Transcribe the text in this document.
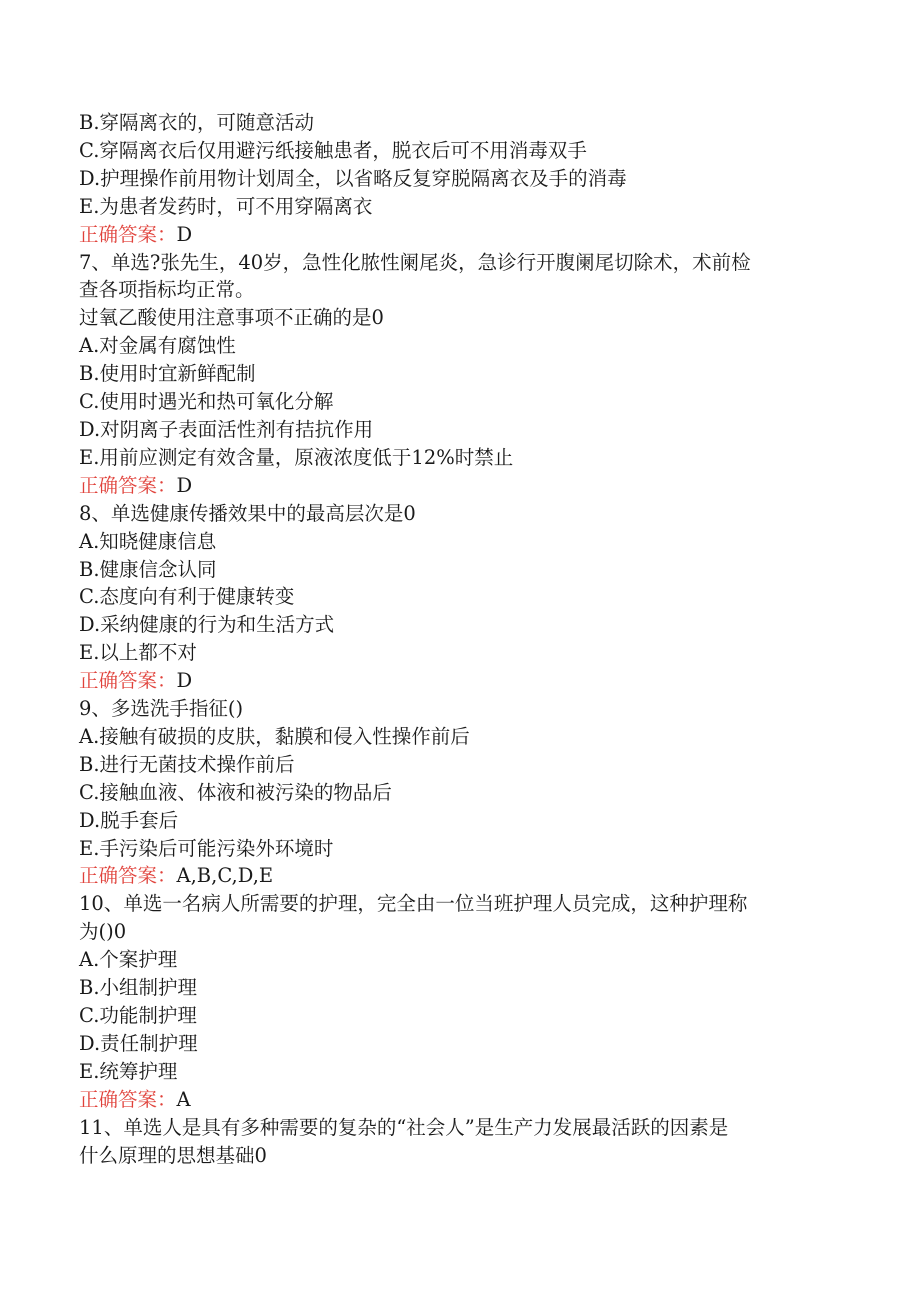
B.穿隔离衣的，可随意活动

C.穿隔离衣后仅用避污纸接触患者，脱衣后可不用消毒双手

D.护理操作前用物计划周全，以省略反复穿脱隔离衣及手的消毒

E.为患者发药时，可不用穿隔离衣

正确答案：D

7、单选?张先生，40岁，急性化脓性阑尾炎，急诊行开腹阑尾切除术，术前检

查各项指标均正常。

过氧乙酸使用注意事项不正确的是0

A.对金属有腐蚀性

B.使用时宜新鲜配制

C.使用时遇光和热可氧化分解

D.对阴离子表面活性剂有拮抗作用

E.用前应测定有效含量，原液浓度低于12%时禁止

正确答案：D

8、单选健康传播效果中的最高层次是0

A.知晓健康信息

B.健康信念认同

C.态度向有利于健康转变

D.采纳健康的行为和生活方式

E.以上都不对

正确答案：D

9、多选洗手指征()

A.接触有破损的皮肤，黏膜和侵入性操作前后

B.进行无菌技术操作前后

C.接触血液、体液和被污染的物品后

D.脱手套后

E.手污染后可能污染外环境时

正确答案：A,B,C,D,E

10、单选一名病人所需要的护理，完全由一位当班护理人员完成，这种护理称

为()0

A.个案护理

B.小组制护理

C.功能制护理

D.责任制护理

E.统筹护理

正确答案：A

11、单选人是具有多种需要的复杂的“社会人”是生产力发展最活跃的因素是

什么原理的思想基础0
